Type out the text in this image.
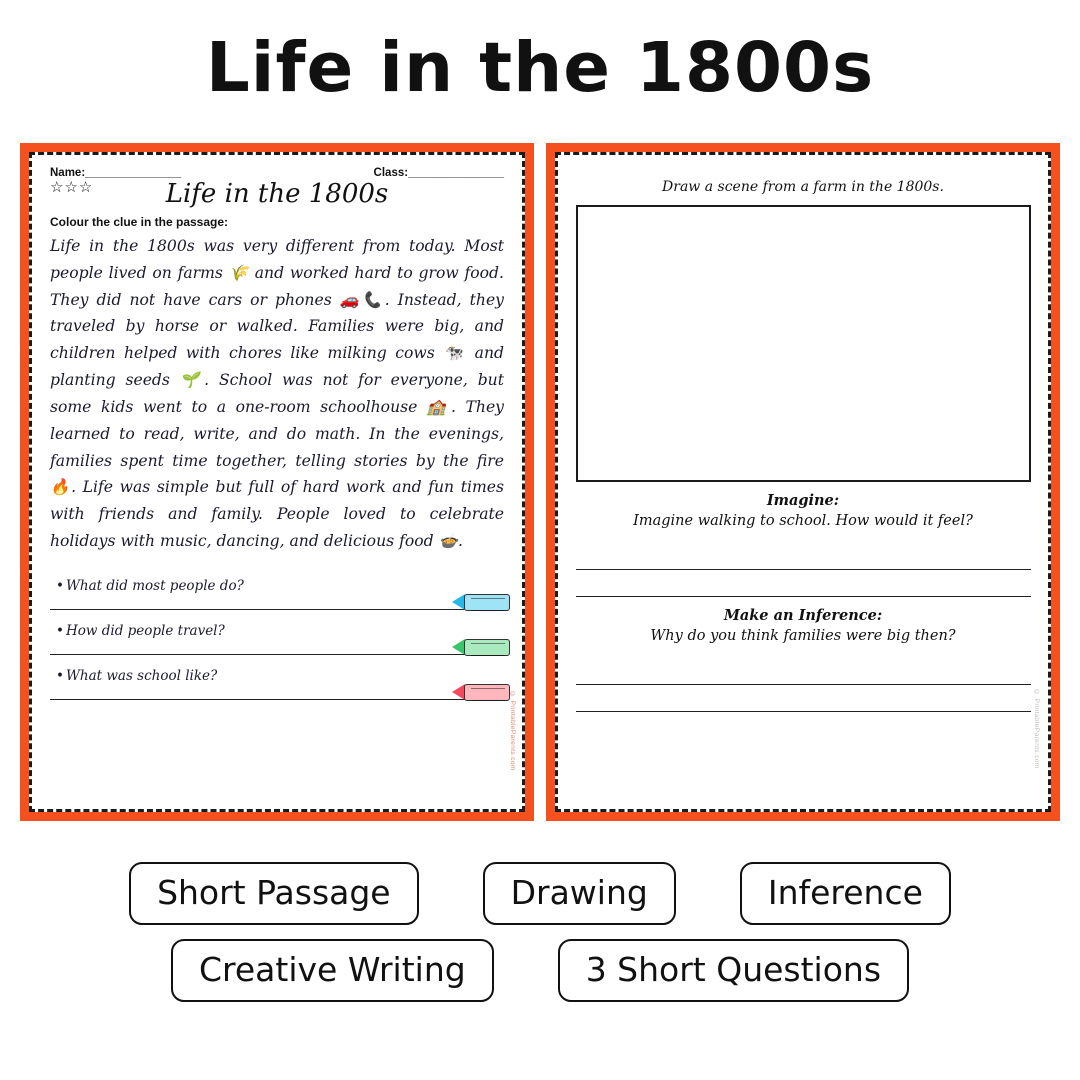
Life in the 1800s
Name:_______________	Class:_______________
☆☆☆	Life in the 1800s
Colour the clue in the passage:
Life in the 1800s was very different from today. Most people lived on farms 🌾 and worked hard to grow food. They did not have cars or phones 🚗📞. Instead, they traveled by horse or walked. Families were big, and children helped with chores like milking cows 🐄 and planting seeds 🌱. School was not for everyone, but some kids went to a one-room schoolhouse 🏫. They learned to read, write, and do math. In the evenings, families spent time together, telling stories by the fire 🔥. Life was simple but full of hard work and fun times with friends and family. People loved to celebrate holidays with music, dancing, and delicious food 🍲.
• What did most people do?
• How did people travel?
• What was school like?
© PrintableParents.com
Draw a scene from a farm in the 1800s.
Imagine:
Imagine walking to school. How would it feel?
Make an Inference:
Why do you think families were big then?
© PrintableParents.com
Short Passage	Drawing	Inference
Creative Writing	3 Short Questions
